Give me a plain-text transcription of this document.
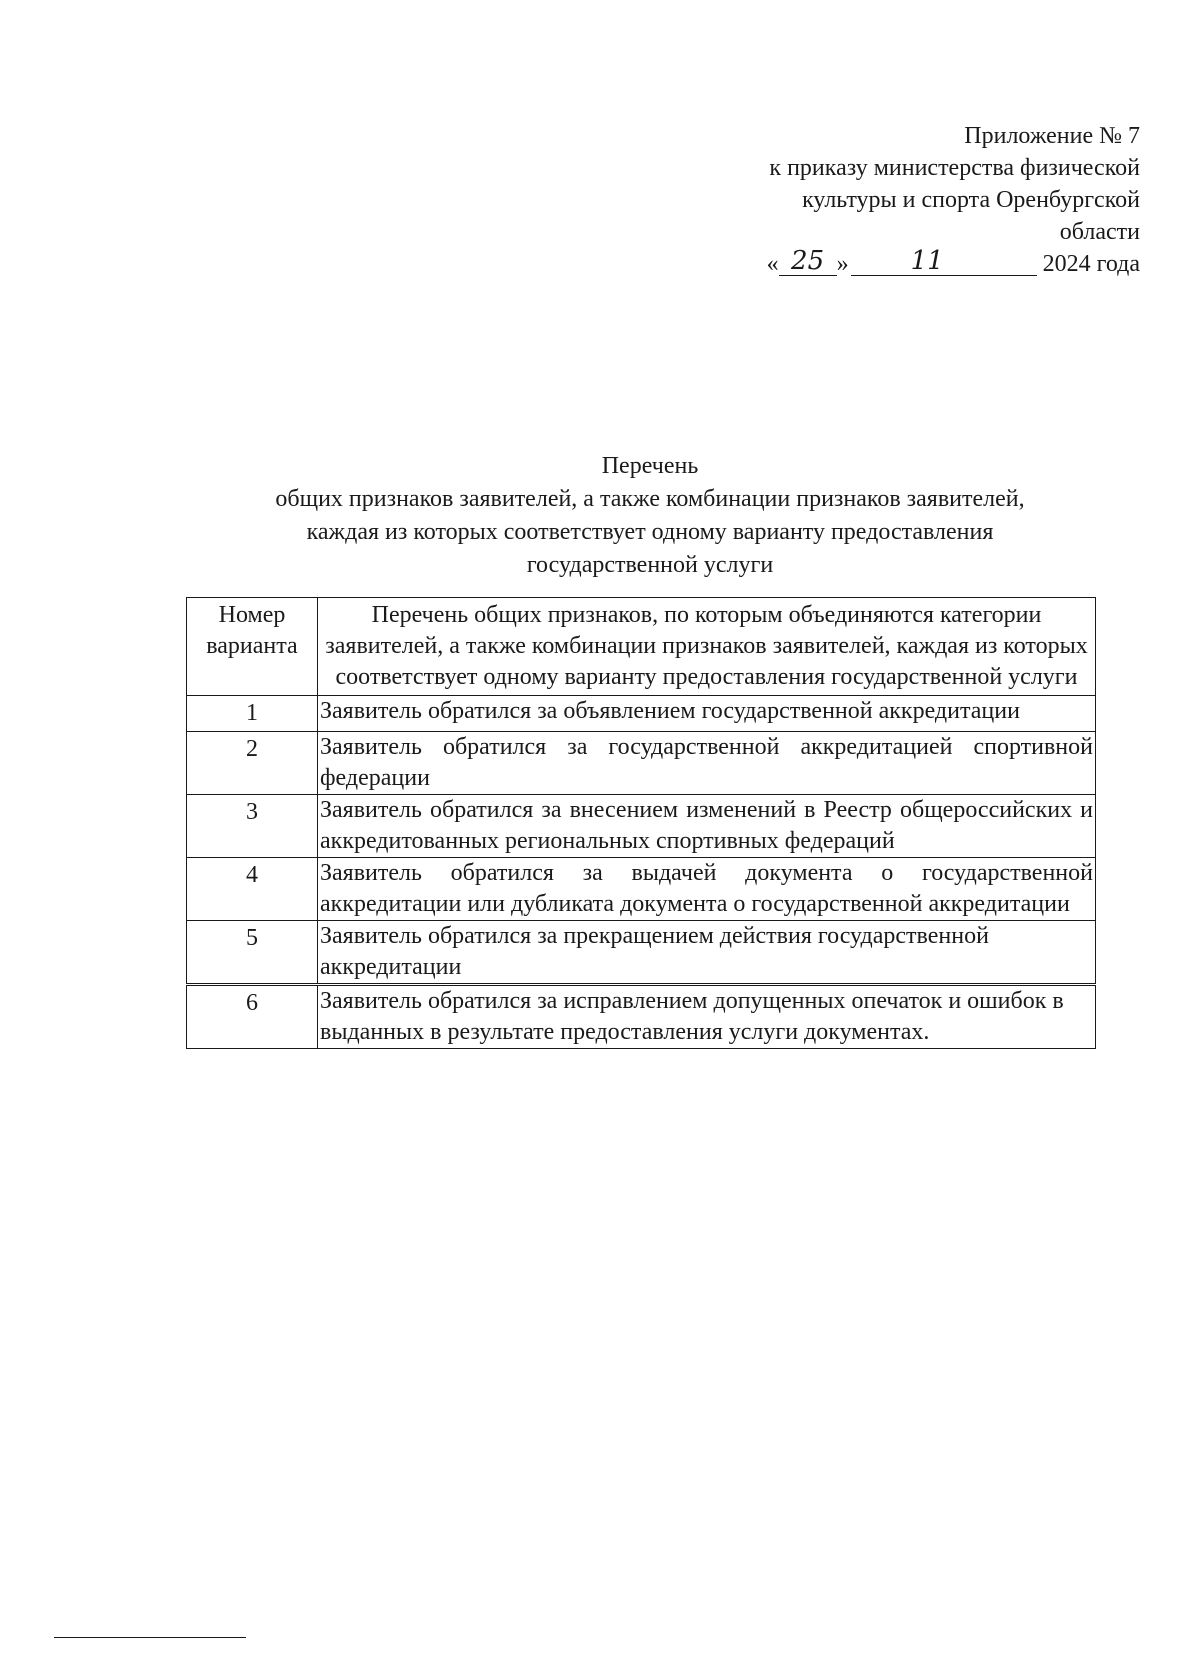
Приложение № 7
к приказу министерства физической
культуры и спорта Оренбургской
области
« 25 »	11	2024 года
Перечень
общих признаков заявителей, а также комбинации признаков заявителей,
каждая из которых соответствует одному варианту предоставления
государственной услуги
Номер варианта	Перечень общих признаков, по которым объединяются категории заявителей, а также комбинации признаков заявителей, каждая из которых соответствует одному варианту предоставления государственной услуги
1	Заявитель обратился за объявлением государственной аккредитации
2	Заявитель обратился за государственной аккредитацией спортивной федерации
3	Заявитель обратился за внесением изменений в Реестр общероссийских и аккредитованных региональных спортивных федераций
4	Заявитель обратился за выдачей документа о государственной аккредитации или дубликата документа о государственной аккредитации
5	Заявитель обратился за прекращением действия государственной аккредитации
6	Заявитель обратился за исправлением допущенных опечаток и ошибок в выданных в результате предоставления услуги документах.
